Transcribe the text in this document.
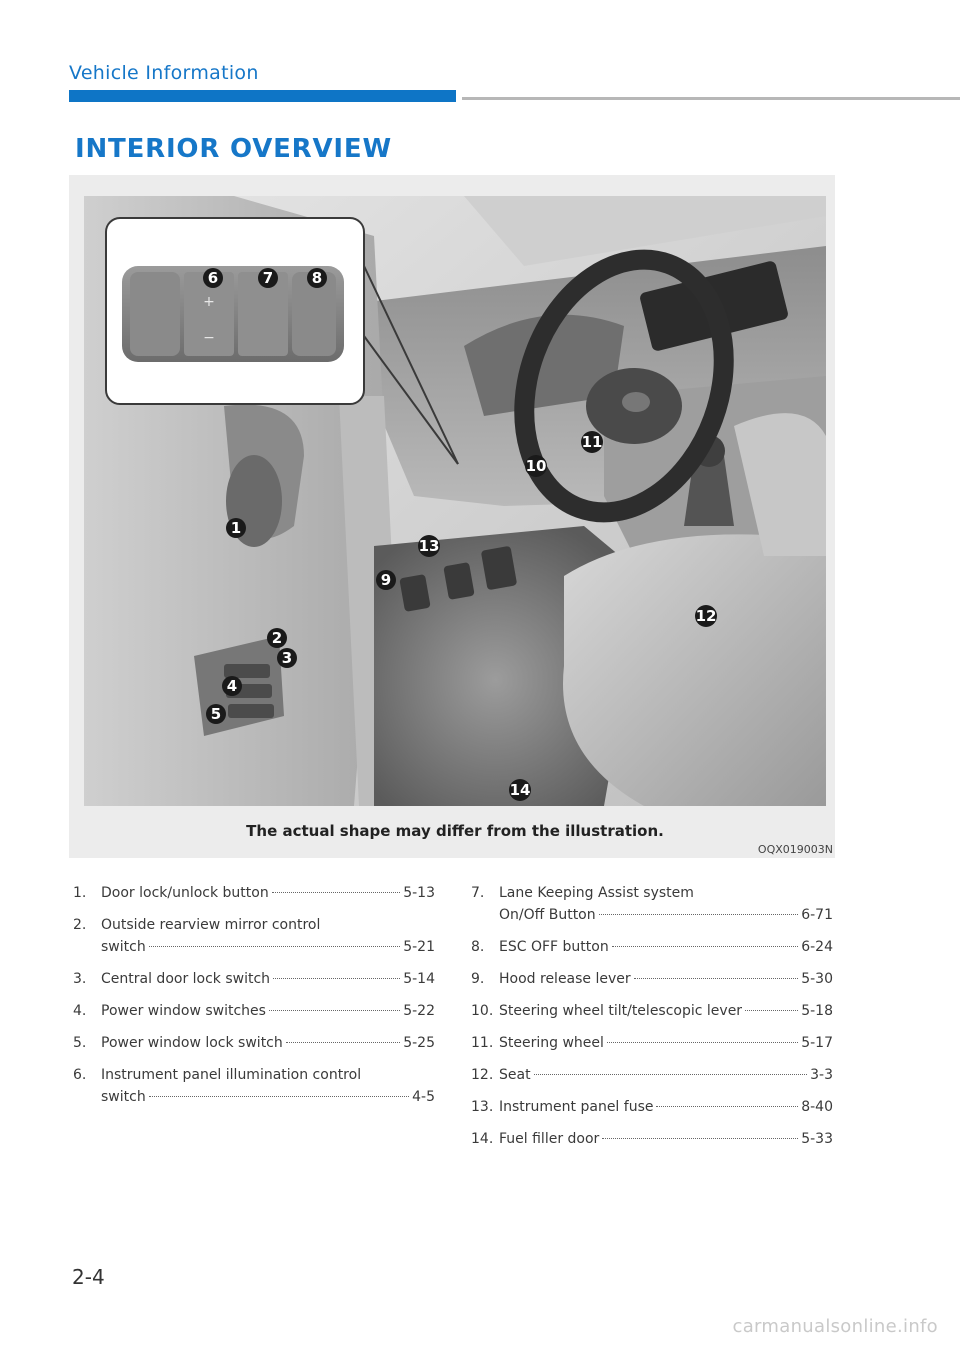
Vehicle Information
INTERIOR OVERVIEW
+
−
6	7	8
1
2
3
4
5
9
10
11
12
13
14
The actual shape may differ from the illustration.
OQX019003N
1. Door lock/unlock button	5-13
2. Outside rearview mirror control
switch	5-21
3. Central door lock switch	5-14
4. Power window switches	5-22
5. Power window lock switch	5-25
6. Instrument panel illumination control
switch	4-5
7. Lane Keeping Assist system
On/Off Button	6-71
8. ESC OFF button	6-24
9. Hood release lever	5-30
10. Steering wheel tilt/telescopic lever	5-18
11. Steering wheel	5-17
12. Seat	3-3
13. Instrument panel fuse	8-40
14. Fuel filler door	5-33
2-4
carmanualsonline.info
